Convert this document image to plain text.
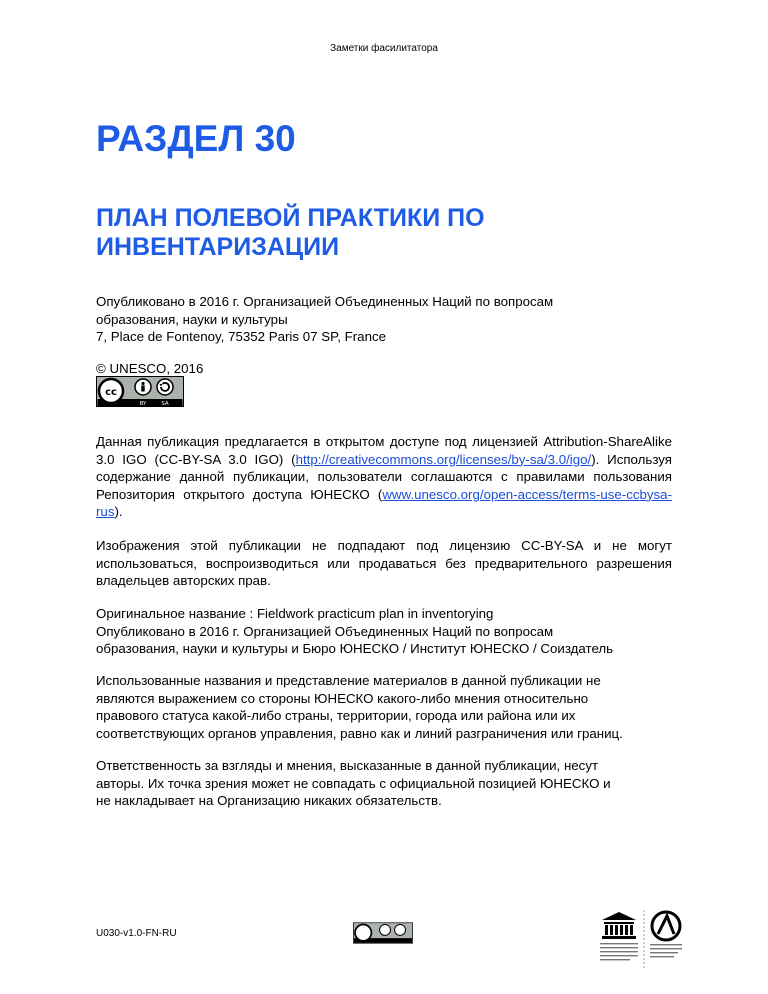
Заметки фасилитатора
РАЗДЕЛ 30
ПЛАН ПОЛЕВОЙ ПРАКТИКИ ПО ИНВЕНТАРИЗАЦИИ
Опубликовано в 2016 г. Организацией Объединенных Наций по вопросам
образования, науки и культуры
7, Place de Fontenoy, 75352 Paris 07 SP, France
© UNESCO, 2016
cc
BY	SA
Данная публикация предлагается в открытом доступе под лицензией Attribution-ShareAlike 3.0 IGO (CC-BY-SA 3.0 IGO) (http://creativecommons.org/licenses/by-sa/3.0/igo/). Используя содержание данной публикации, пользователи соглашаются с правилами пользования Репозитория открытого доступа ЮНЕСКО (www.unesco.org/open-access/terms-use-ccbysa-rus).
Изображения этой публикации не подпадают под лицензию CC-BY-SA и не могут использоваться, воспроизводиться или продаваться без предварительного разрешения владельцев авторских прав.
Оригинальное название : Fieldwork practicum plan in inventorying
Опубликовано в 2016 г. Организацией Объединенных Наций по вопросам
образования, науки и культуры и Бюро ЮНЕСКО / Институт ЮНЕСКО / Соиздатель
Использованные названия и представление материалов в данной публикации не
являются выражением со стороны ЮНЕСКО какого-либо мнения относительно
правового статуса какой-либо страны, территории, города или района или их
соответствующих органов управления, равно как и линий разграничения или границ.
Ответственность за взгляды и мнения, высказанные в данной публикации, несут
авторы. Их точка зрения может не совпадать с официальной позицией ЮНЕСКО и
не накладывает на Организацию никаких обязательств.
U030-v1.0-FN-RU
